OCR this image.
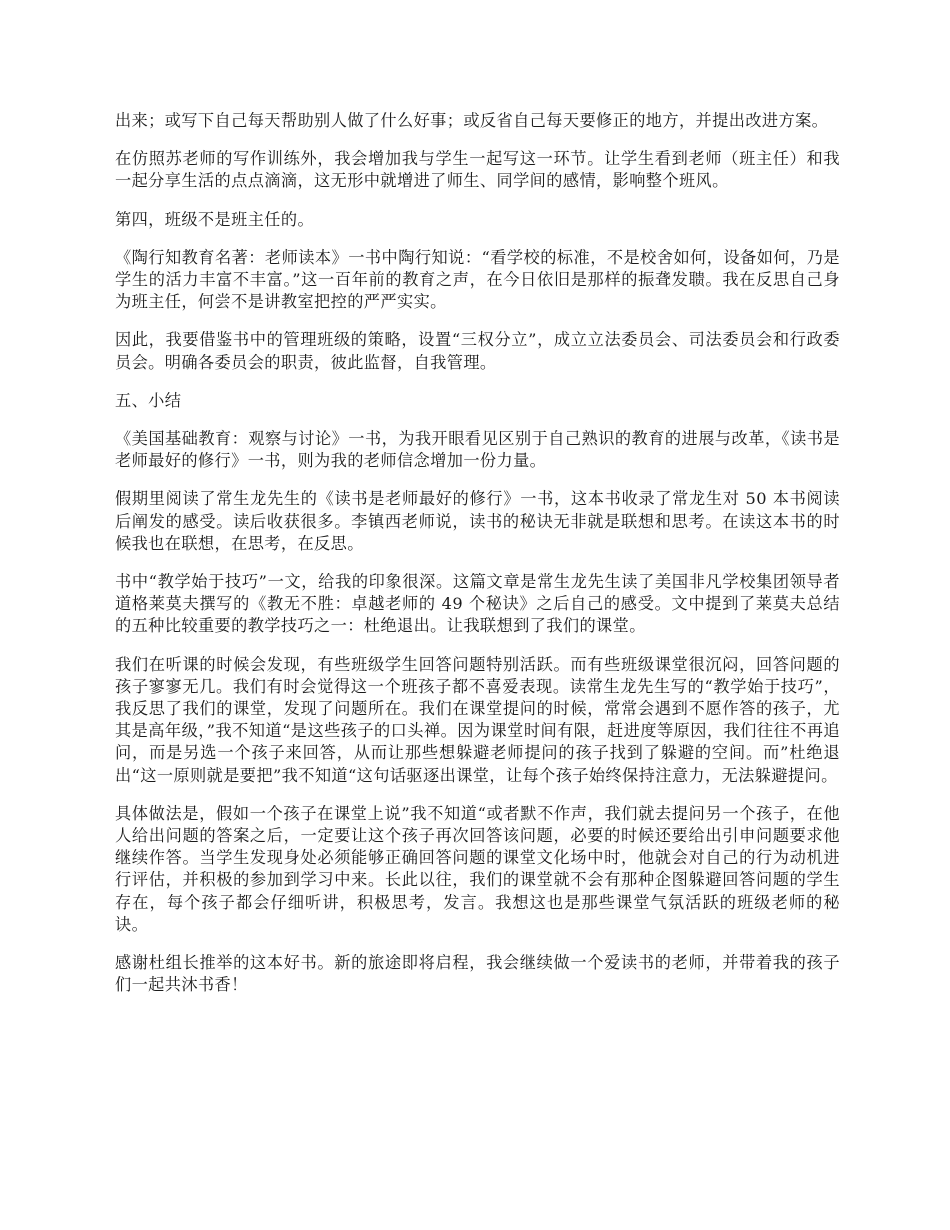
出来；或写下自己每天帮助别人做了什么好事；或反省自己每天要修正的地方，并提出改进方案。

在仿照苏老师的写作训练外，我会增加我与学生一起写这一环节。让学生看到老师（班主任）和我一起分享生活的点点滴滴，这无形中就增进了师生、同学间的感情，影响整个班风。

第四，班级不是班主任的。

《陶行知教育名著：老师读本》一书中陶行知说：“看学校的标准，不是校舍如何，设备如何，乃是学生的活力丰富不丰富。”这一百年前的教育之声，在今日依旧是那样的振聋发聩。我在反思自己身为班主任，何尝不是讲教室把控的严严实实。

因此，我要借鉴书中的管理班级的策略，设置“三权分立”，成立立法委员会、司法委员会和行政委员会。明确各委员会的职责，彼此监督，自我管理。

五、小结

《美国基础教育：观察与讨论》一书，为我开眼看见区别于自己熟识的教育的进展与改革，《读书是老师最好的修行》一书，则为我的老师信念增加一份力量。

假期里阅读了常生龙先生的《读书是老师最好的修行》一书，这本书收录了常龙生对 50 本书阅读后阐发的感受。读后收获很多。李镇西老师说，读书的秘诀无非就是联想和思考。在读这本书的时候我也在联想，在思考，在反思。

书中“教学始于技巧”一文，给我的印象很深。这篇文章是常生龙先生读了美国非凡学校集团领导者道格莱莫夫撰写的《教无不胜：卓越老师的 49 个秘诀》之后自己的感受。文中提到了莱莫夫总结的五种比较重要的教学技巧之一：杜绝退出。让我联想到了我们的课堂。

我们在听课的时候会发现，有些班级学生回答问题特别活跃。而有些班级课堂很沉闷，回答问题的孩子寥寥无几。我们有时会觉得这一个班孩子都不喜爱表现。读常生龙先生写的“教学始于技巧”，我反思了我们的课堂，发现了问题所在。我们在课堂提问的时候，常常会遇到不愿作答的孩子，尤其是高年级，”我不知道“是这些孩子的口头禅。因为课堂时间有限，赶进度等原因，我们往往不再追问，而是另选一个孩子来回答，从而让那些想躲避老师提问的孩子找到了躲避的空间。而”杜绝退出“这一原则就是要把”我不知道“这句话驱逐出课堂，让每个孩子始终保持注意力，无法躲避提问。

具体做法是，假如一个孩子在课堂上说”我不知道“或者默不作声，我们就去提问另一个孩子，在他人给出问题的答案之后，一定要让这个孩子再次回答该问题，必要的时候还要给出引申问题要求他继续作答。当学生发现身处必须能够正确回答问题的课堂文化场中时，他就会对自己的行为动机进行评估，并积极的参加到学习中来。长此以往，我们的课堂就不会有那种企图躲避回答问题的学生存在，每个孩子都会仔细听讲，积极思考，发言。我想这也是那些课堂气氛活跃的班级老师的秘诀。

感谢杜组长推举的这本好书。新的旅途即将启程，我会继续做一个爱读书的老师，并带着我的孩子们一起共沐书香！
